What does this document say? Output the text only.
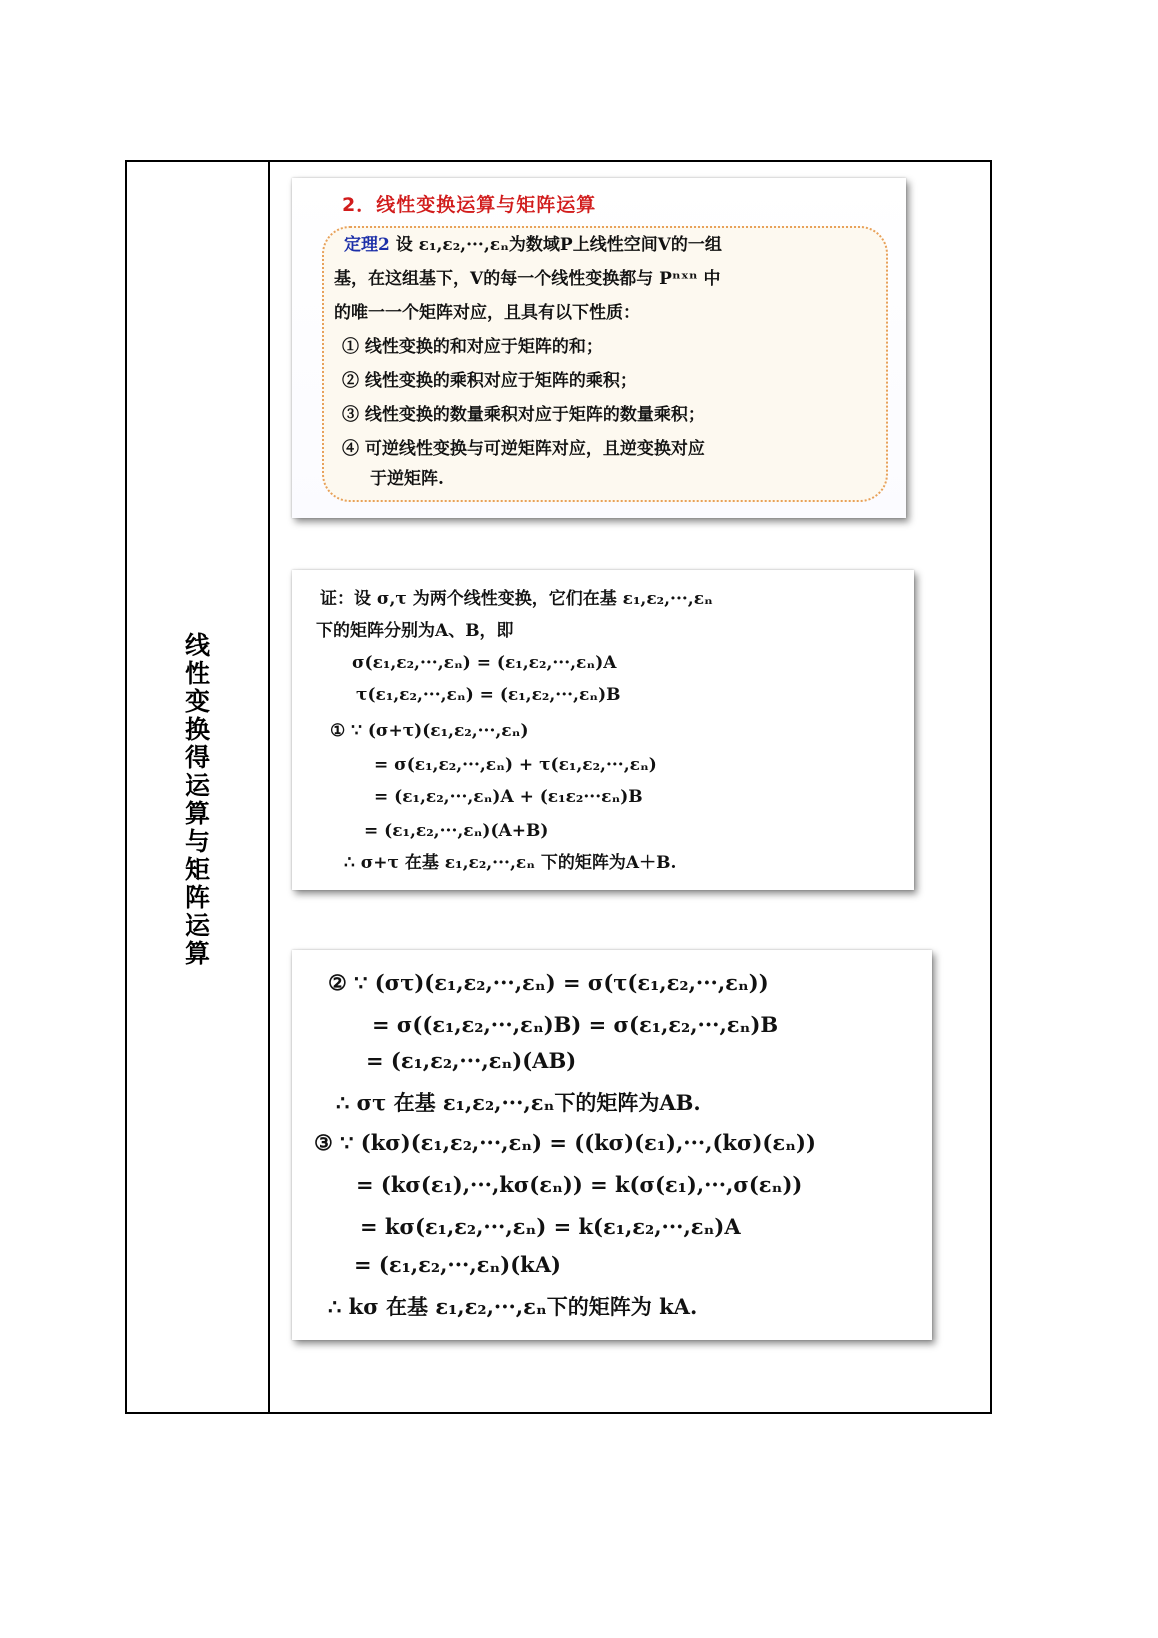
线
性
变
换
得
运
算
与
矩
阵
运
算
2．线性变换运算与矩阵运算
定理2 设 ε₁,ε₂,···,εₙ为数域P上线性空间V的一组
基，在这组基下，V的每一个线性变换都与 Pⁿˣⁿ 中
的唯一一个矩阵对应，且具有以下性质：
① 线性变换的和对应于矩阵的和；
② 线性变换的乘积对应于矩阵的乘积；
③ 线性变换的数量乘积对应于矩阵的数量乘积；
④ 可逆线性变换与可逆矩阵对应，且逆变换对应
于逆矩阵.
证：设 σ,τ 为两个线性变换，它们在基 ε₁,ε₂,···,εₙ
下的矩阵分别为A、B，即
σ(ε₁,ε₂,···,εₙ) = (ε₁,ε₂,···,εₙ)A
τ(ε₁,ε₂,···,εₙ) = (ε₁,ε₂,···,εₙ)B
① ∵ (σ+τ)(ε₁,ε₂,···,εₙ)
= σ(ε₁,ε₂,···,εₙ) + τ(ε₁,ε₂,···,εₙ)
= (ε₁,ε₂,···,εₙ)A + (ε₁ε₂···εₙ)B
= (ε₁,ε₂,···,εₙ)(A+B)
∴ σ+τ 在基 ε₁,ε₂,···,εₙ 下的矩阵为A＋B.
② ∵ (στ)(ε₁,ε₂,···,εₙ) = σ(τ(ε₁,ε₂,···,εₙ))
= σ((ε₁,ε₂,···,εₙ)B) = σ(ε₁,ε₂,···,εₙ)B
= (ε₁,ε₂,···,εₙ)(AB)
∴ στ 在基 ε₁,ε₂,···,εₙ下的矩阵为AB.
③ ∵ (kσ)(ε₁,ε₂,···,εₙ) = ((kσ)(ε₁),···,(kσ)(εₙ))
= (kσ(ε₁),···,kσ(εₙ)) = k(σ(ε₁),···,σ(εₙ))
= kσ(ε₁,ε₂,···,εₙ) = k(ε₁,ε₂,···,εₙ)A
= (ε₁,ε₂,···,εₙ)(kA)
∴ kσ 在基 ε₁,ε₂,···,εₙ下的矩阵为 kA.
